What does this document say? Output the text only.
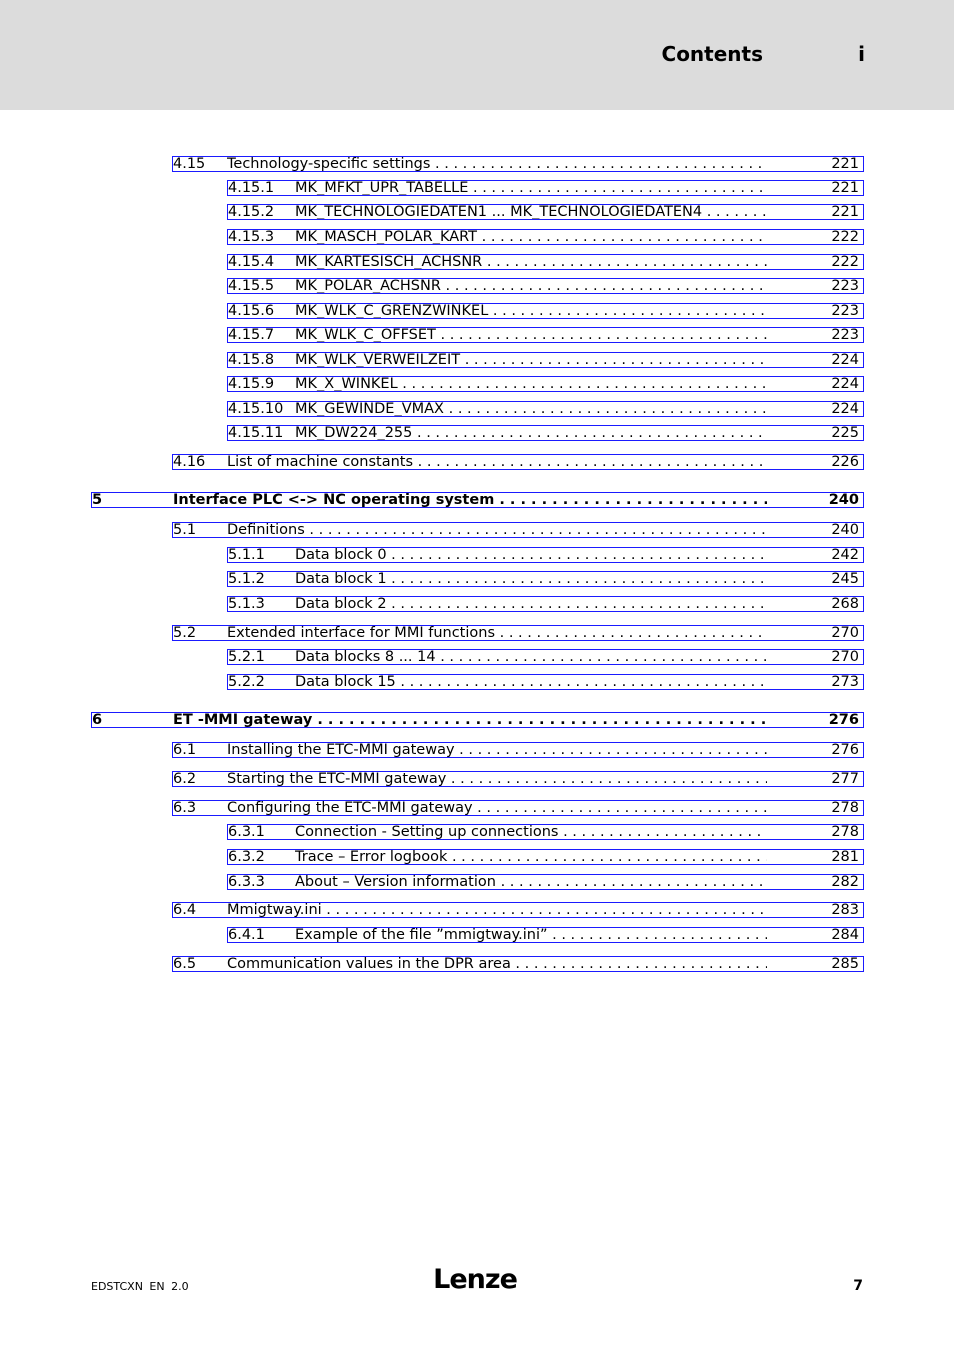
Contents	i
4.15 Technology-specific settings . . .	221
4.15.1 MK_MFKT_UPR_TABELLE . . .	221
4.15.2 MK_TECHNOLOGIEDATEN1 ... MK_TECHNOLOGIEDATEN4 . . .	221
4.15.3 MK_MASCH_POLAR_KART . . .	222
4.15.4 MK_KARTESISCH_ACHSNR . . .	222
4.15.5 MK_POLAR_ACHSNR . . .	223
4.15.6 MK_WLK_C_GRENZWINKEL . . .	223
4.15.7 MK_WLK_C_OFFSET . . .	223
4.15.8 MK_WLK_VERWEILZEIT . . .	224
4.15.9 MK_X_WINKEL . . .	224
4.15.10 MK_GEWINDE_VMAX . . .	224
4.15.11 MK_DW224_255 . . .	225
4.16 List of machine constants . . .	226
5	Interface PLC <-> NC operating system . . .	240
5.1 Definitions . . .	240
5.1.1 Data block 0 . . .	242
5.1.2 Data block 1 . . .	245
5.1.3 Data block 2 . . .	268
5.2 Extended interface for MMI functions . . .	270
5.2.1 Data blocks 8 ... 14 . . .	270
5.2.2 Data block 15 . . .	273
6	ET -MMI gateway . . .	276
6.1 Installing the ETC-MMI gateway . . .	276
6.2 Starting the ETC-MMI gateway . . .	277
6.3 Configuring the ETC-MMI gateway . . .	278
6.3.1 Connection - Setting up connections . . .	278
6.3.2 Trace – Error logbook . . .	281
6.3.3 About – Version information . . .	282
6.4 Mmigtway.ini . . .	283
6.4.1 Example of the file ”mmigtway.ini” . . .	284
6.5 Communication values in the DPR area . . .	285
EDSTCXN EN 2.0	Lenze	7
